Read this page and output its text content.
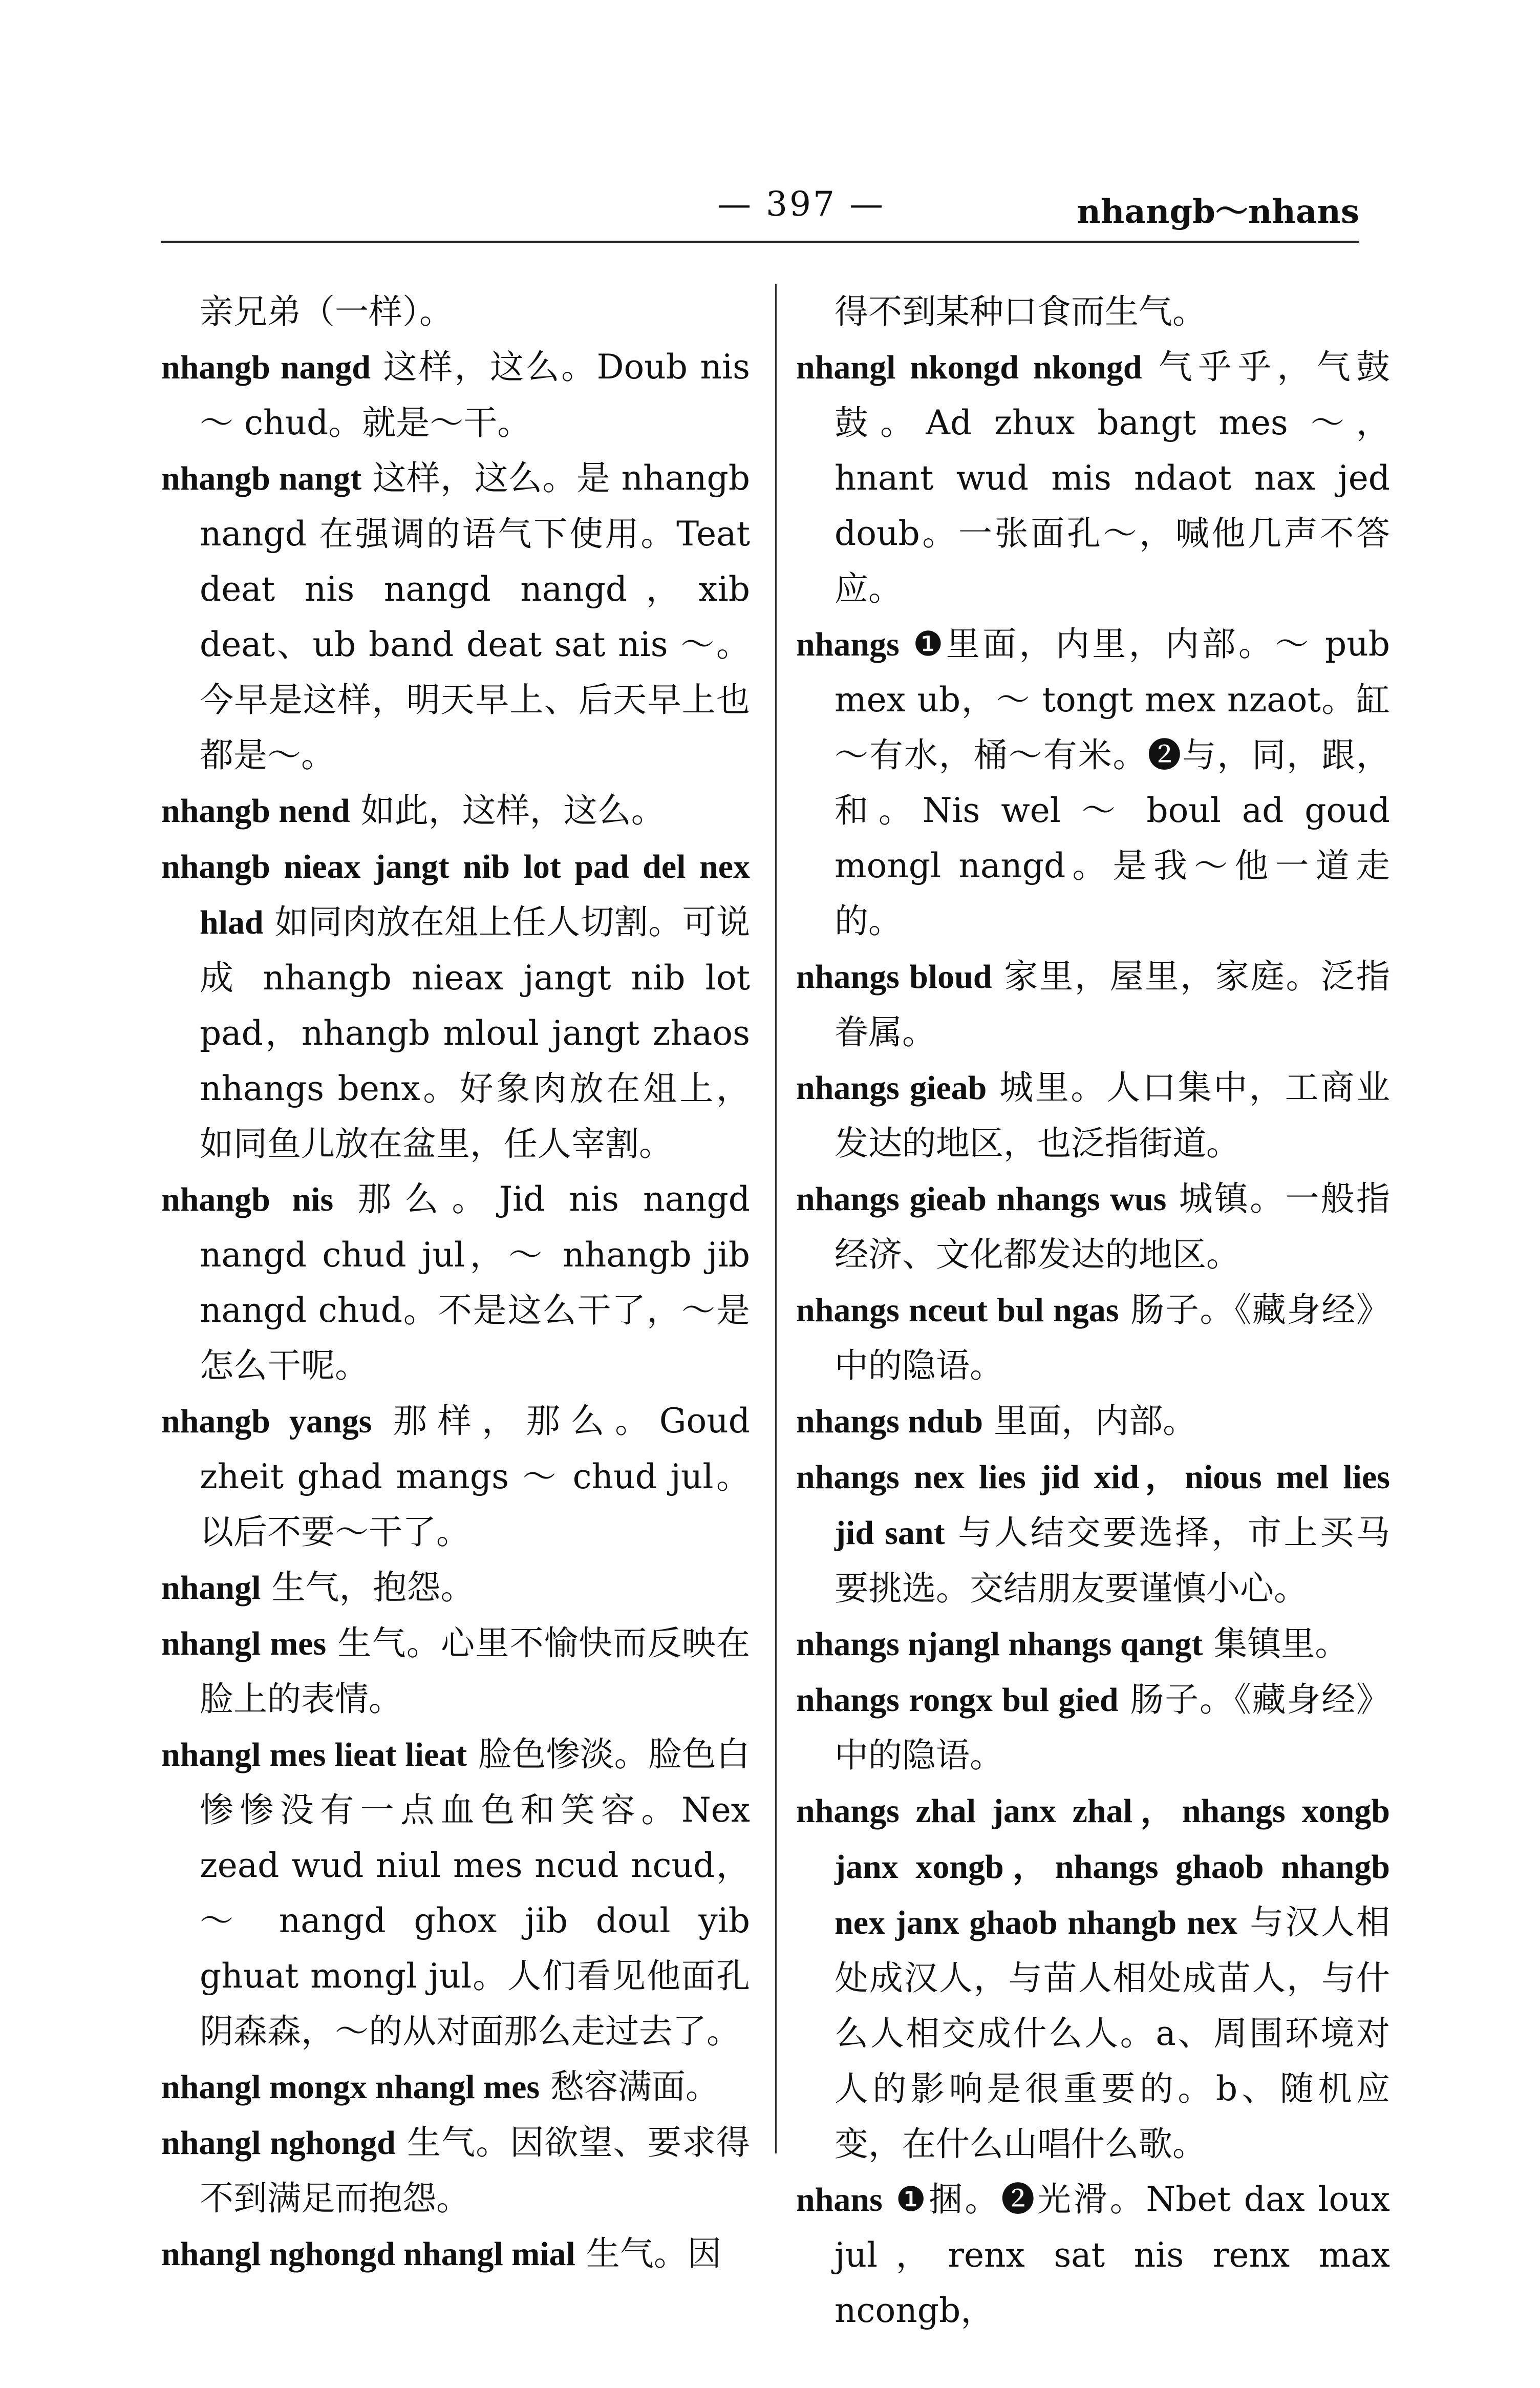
— 397 —	nhangb～nhans

亲兄弟（一样）。

nhangb nangd 这样，这么。Doub nis ～ chud。就是～干。

nhangb nangt 这样，这么。是 nhangb nangd 在强调的语气下使用。Teat deat nis nangd nangd，xib deat、ub band deat sat nis ～。今早是这样，明天早上、后天早上也都是～。

nhangb nend 如此，这样，这么。

nhangb nieax jangt nib lot pad del nex hlad 如同肉放在俎上任人切割。可说成 nhangb nieax jangt nib lot pad，nhangb mloul jangt zhaos nhangs benx。好象肉放在俎上，如同鱼儿放在盆里，任人宰割。

nhangb nis 那么。Jid nis nangd nangd chud jul，～ nhangb jib nangd chud。不是这么干了，～是怎么干呢。

nhangb yangs 那样，那么。Goud zheit ghad mangs ～ chud jul。以后不要～干了。

nhangl 生气，抱怨。

nhangl mes 生气。心里不愉快而反映在脸上的表情。

nhangl mes lieat lieat 脸色惨淡。脸色白惨惨没有一点血色和笑容。Nex zead wud niul mes ncud ncud，～ nangd ghox jib doul yib ghuat mongl jul。人们看见他面孔阴森森，～的从对面那么走过去了。

nhangl mongx nhangl mes 愁容满面。

nhangl nghongd 生气。因欲望、要求得不到满足而抱怨。

nhangl nghongd nhangl mial 生气。因

得不到某种口食而生气。

nhangl nkongd nkongd 气乎乎，气鼓鼓。Ad zhux bangt mes ～，hnant wud mis ndaot nax jed doub。一张面孔～，喊他几声不答应。

nhangs ❶里面，内里，内部。～ pub mex ub，～ tongt mex nzaot。缸～有水，桶～有米。❷与，同，跟，和。Nis wel ～ boul ad goud mongl nangd。是我～他一道走的。

nhangs bloud 家里，屋里，家庭。泛指眷属。

nhangs gieab 城里。人口集中，工商业发达的地区，也泛指街道。

nhangs gieab nhangs wus 城镇。一般指经济、文化都发达的地区。

nhangs nceut bul ngas 肠子。《藏身经》中的隐语。

nhangs ndub 里面，内部。

nhangs nex lies jid xid，nious mel lies jid sant 与人结交要选择，市上买马要挑选。交结朋友要谨慎小心。

nhangs njangl nhangs qangt 集镇里。

nhangs rongx bul gied 肠子。《藏身经》中的隐语。

nhangs zhal janx zhal，nhangs xongb janx xongb，nhangs ghaob nhangb nex janx ghaob nhangb nex 与汉人相处成汉人，与苗人相处成苗人，与什么人相交成什么人。a、周围环境对人的影响是很重要的。b、随机应变，在什么山唱什么歌。

nhans ❶捆。❷光滑。Nbet dax loux jul，renx sat nis renx max ncongb，
